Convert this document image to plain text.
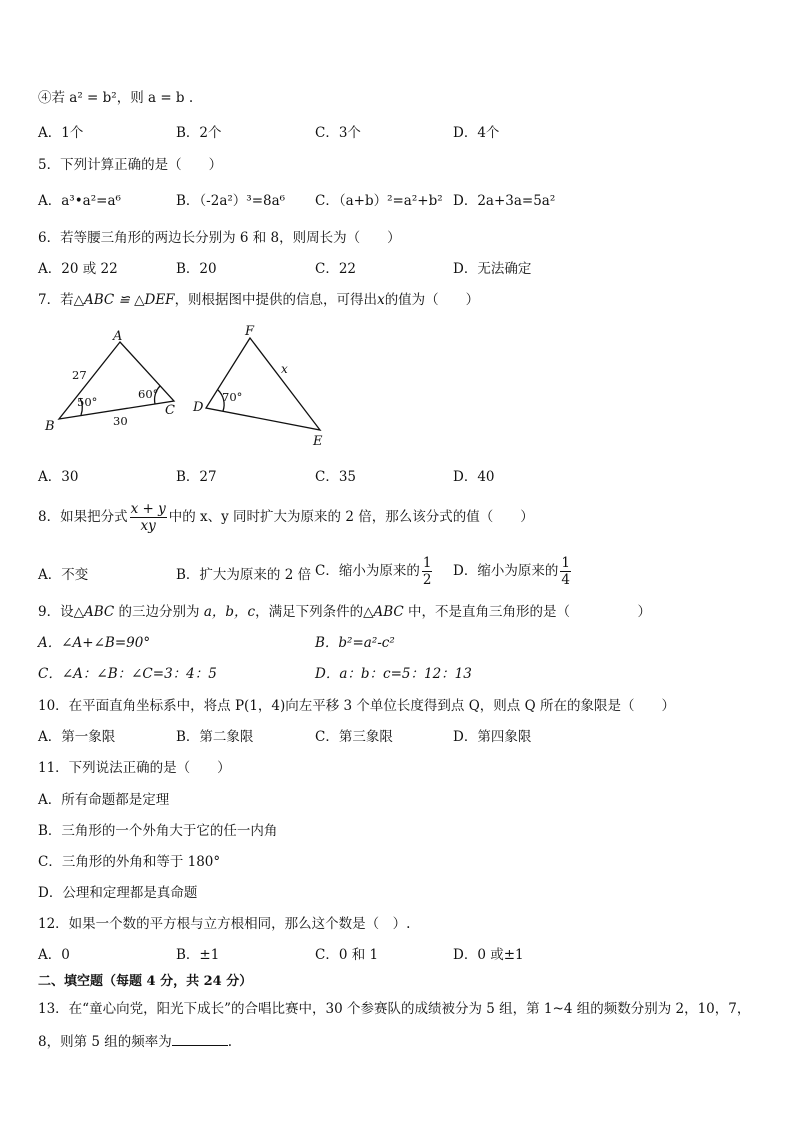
④若 a² = b²，则 a = b .
A．1个	B．2个	C．3个	D．4个
5．下列计算正确的是（　　）
A．a³•a²=a⁶	B．（-2a²）³=8a⁶ C．（a+b）²=a²+b² D．2a+3a=5a²
6．若等腰三角形的两边长分别为 6 和 8，则周长为（　　）
A．20 或 22	B．20	C．22	D．无法确定
7．若△ABC ≌ △DEF，则根据图中提供的信息，可得出x的值为（　　）
A
B
C D
E
F
x
27
30
50°
60°	70°
A．30	B．27	C．35	D．40
8．如果把分式 $\frac{x + y}{xy}$ 中的 x、y 同时扩大为原来的 2 倍，那么该分式的值（　　）
A．不变	B．扩大为原来的 2 倍 C．缩小为原来的 $\frac{1}{2}$ D．缩小为原来的 $\frac{1}{4}$
9．设△ABC 的三边分别为 a，b，c，满足下列条件的△ABC 中，不是直角三角形的是（　　　　　）
A．∠A+∠B=90°	B．b²=a²-c²
C．∠A：∠B：∠C=3：4：5	D．a：b：c=5：12：13
10．在平面直角坐标系中，将点 P(1，4)向左平移 3 个单位长度得到点 Q，则点 Q 所在的象限是（　　）
A．第一象限	B．第二象限	C．第三象限	D．第四象限
11．下列说法正确的是（　　）
A．所有命题都是定理
B．三角形的一个外角大于它的任一内角
C．三角形的外角和等于 180°
D．公理和定理都是真命题
12．如果一个数的平方根与立方根相同，那么这个数是（　）.
A．0	B．±1	C．0 和 1	D．0 或±1
二、填空题（每题 4 分，共 24 分）
13．在“童心向党，阳光下成长”的合唱比赛中，30 个参赛队的成绩被分为 5 组，第 1~4 组的频数分别为 2，10，7，
8，则第 5 组的频率为	.
